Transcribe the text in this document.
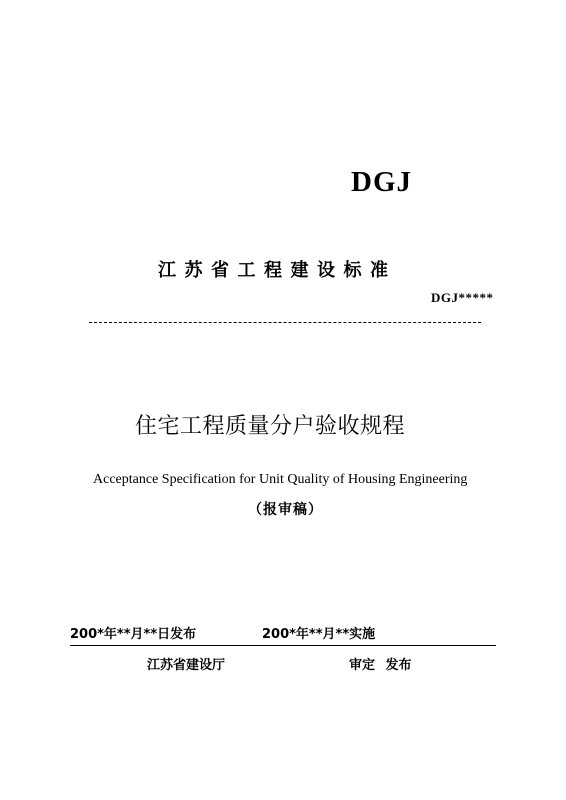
DGJ
江苏省工程建设标准
DGJ*****
住宅工程质量分户验收规程
Acceptance Specification for Unit Quality of Housing Engineering
（报审稿）
200*年**月**日发布	200*年**月**实施
江苏省建设厅	审定 发布
